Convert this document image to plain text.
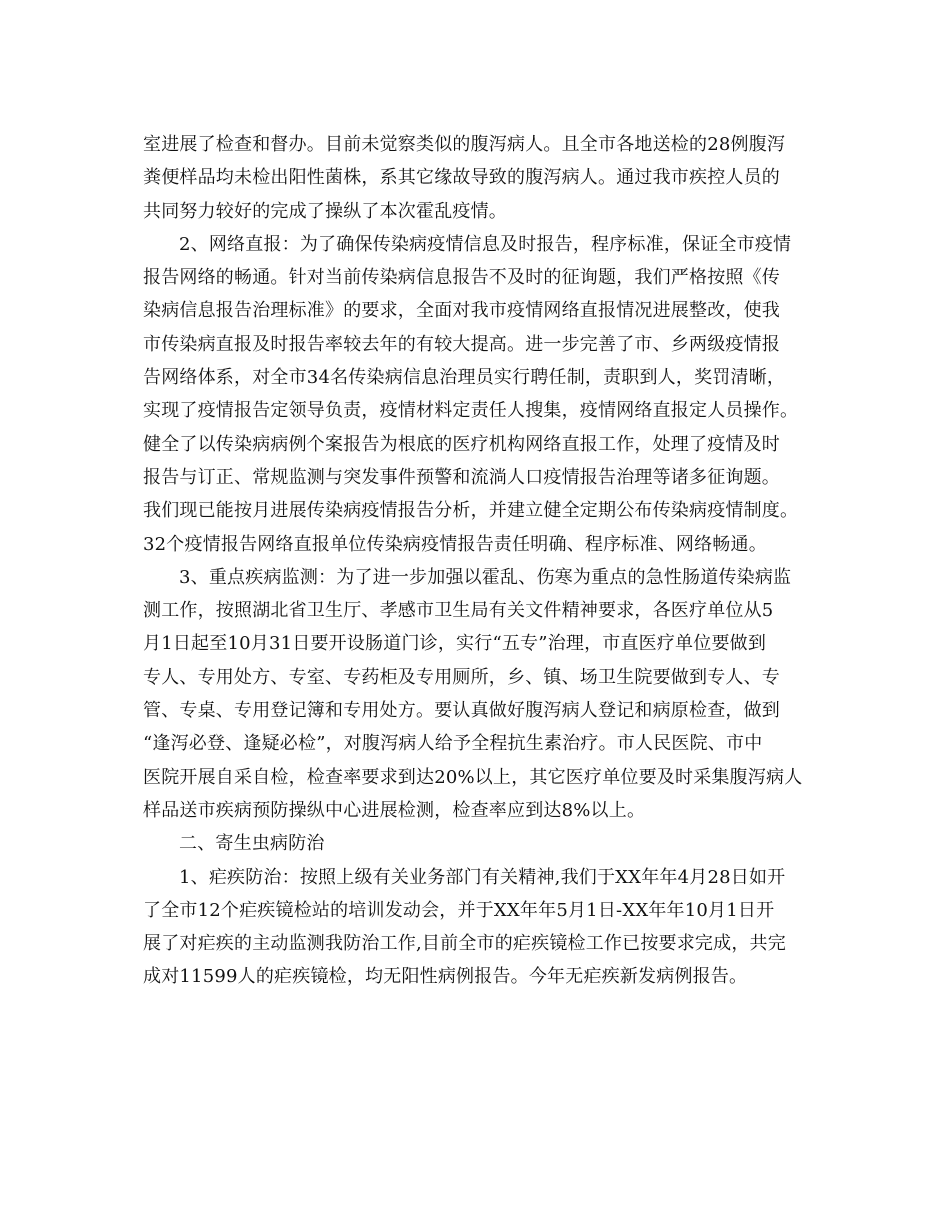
室进展了检查和督办。目前未觉察类似的腹泻病人。且全市各地送检的28例腹泻
粪便样品均未检出阳性菌株，系其它缘故导致的腹泻病人。通过我市疾控人员的
共同努力较好的完成了操纵了本次霍乱疫情。
2、网络直报：为了确保传染病疫情信息及时报告，程序标准，保证全市疫情
报告网络的畅通。针对当前传染病信息报告不及时的征询题，我们严格按照《传
染病信息报告治理标准》的要求，全面对我市疫情网络直报情况进展整改，使我
市传染病直报及时报告率较去年的有较大提高。进一步完善了市、乡两级疫情报
告网络体系，对全市34名传染病信息治理员实行聘任制，责职到人，奖罚清晰，
实现了疫情报告定领导负责，疫情材料定责任人搜集，疫情网络直报定人员操作。
健全了以传染病病例个案报告为根底的医疗机构网络直报工作，处理了疫情及时
报告与订正、常规监测与突发事件预警和流淌人口疫情报告治理等诸多征询题。
我们现已能按月进展传染病疫情报告分析，并建立健全定期公布传染病疫情制度。
32个疫情报告网络直报单位传染病疫情报告责任明确、程序标准、网络畅通。
3、重点疾病监测：为了进一步加强以霍乱、伤寒为重点的急性肠道传染病监
测工作，按照湖北省卫生厅、孝感市卫生局有关文件精神要求，各医疗单位从5
月1日起至10月31日要开设肠道门诊，实行“五专”治理，市直医疗单位要做到
专人、专用处方、专室、专药柜及专用厕所，乡、镇、场卫生院要做到专人、专
管、专桌、专用登记簿和专用处方。要认真做好腹泻病人登记和病原检查，做到
“逢泻必登、逢疑必检”，对腹泻病人给予全程抗生素治疗。市人民医院、市中
医院开展自采自检，检查率要求到达20%以上，其它医疗单位要及时采集腹泻病人
样品送市疾病预防操纵中心进展检测，检查率应到达8%以上。
二、寄生虫病防治
1、疟疾防治：按照上级有关业务部门有关精神,我们于XX年年4月28日如开
了全市12个疟疾镜检站的培训发动会，并于XX年年5月1日-XX年年10月1日开
展了对疟疾的主动监测我防治工作,目前全市的疟疾镜检工作已按要求完成，共完
成对11599人的疟疾镜检，均无阳性病例报告。今年无疟疾新发病例报告。
